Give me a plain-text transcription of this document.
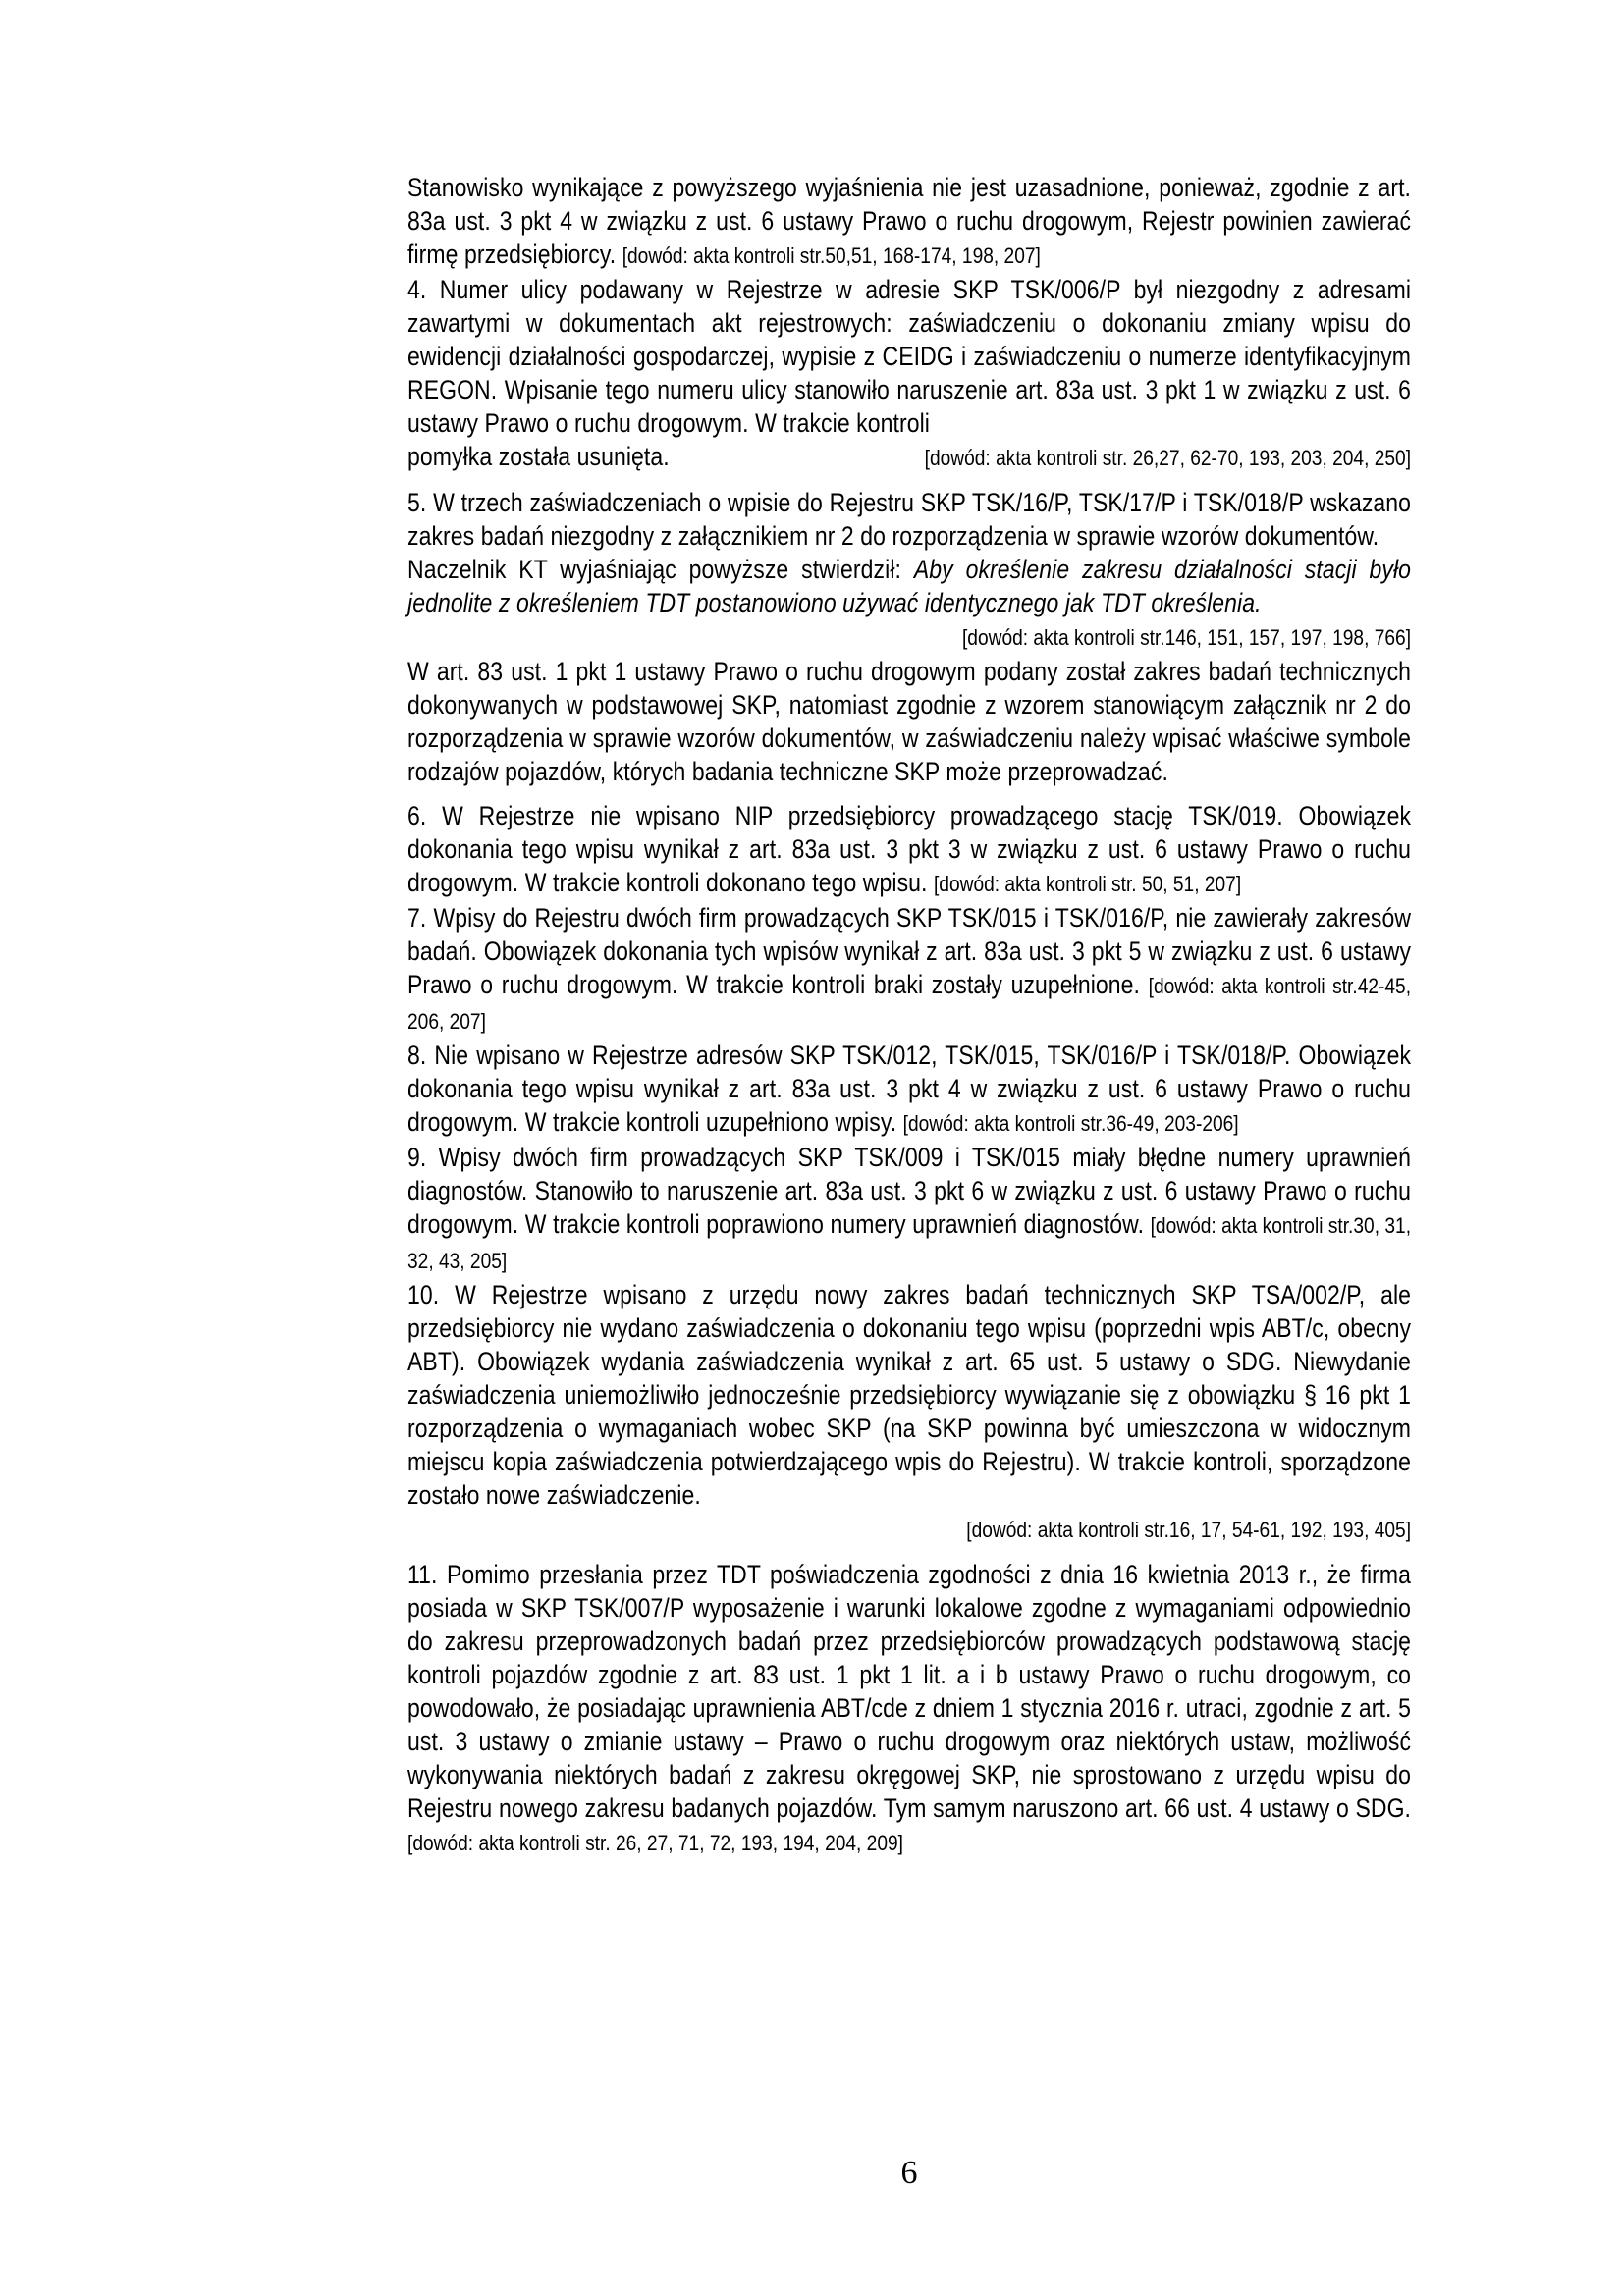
Stanowisko wynikające z powyższego wyjaśnienia nie jest uzasadnione, ponieważ, zgodnie z art. 83a ust. 3 pkt 4 w związku z ust. 6 ustawy Prawo o ruchu drogowym, Rejestr powinien zawierać firmę przedsiębiorcy. [dowód: akta kontroli str.50,51, 168-174, 198, 207]

4. Numer ulicy podawany w Rejestrze w adresie SKP TSK/006/P był niezgodny z adresami zawartymi w dokumentach akt rejestrowych: zaświadczeniu o dokonaniu zmiany wpisu do ewidencji działalności gospodarczej, wypisie z CEIDG i zaświadczeniu o numerze identyfikacyjnym REGON. Wpisanie tego numeru ulicy stanowiło naruszenie art. 83a ust. 3 pkt 1 w związku z ust. 6 ustawy Prawo o ruchu drogowym. W trakcie kontroli

pomyłka została usunięta.	[dowód: akta kontroli str. 26,27, 62-70, 193, 203, 204, 250]

5. W trzech zaświadczeniach o wpisie do Rejestru SKP TSK/16/P, TSK/17/P i TSK/018/P wskazano zakres badań niezgodny z załącznikiem nr 2 do rozporządzenia w sprawie wzorów dokumentów.

Naczelnik KT wyjaśniając powyższe stwierdził: Aby określenie zakresu działalności stacji było jednolite z określeniem TDT postanowiono używać identycznego jak TDT określenia.

[dowód: akta kontroli str.146, 151, 157, 197, 198, 766]

W art. 83 ust. 1 pkt 1 ustawy Prawo o ruchu drogowym podany został zakres badań technicznych dokonywanych w podstawowej SKP, natomiast zgodnie z wzorem stanowiącym załącznik nr 2 do rozporządzenia w sprawie wzorów dokumentów, w zaświadczeniu należy wpisać właściwe symbole rodzajów pojazdów, których badania techniczne SKP może przeprowadzać.

6. W Rejestrze nie wpisano NIP przedsiębiorcy prowadzącego stację TSK/019. Obowiązek dokonania tego wpisu wynikał z art. 83a ust. 3 pkt 3 w związku z ust. 6 ustawy Prawo o ruchu drogowym. W trakcie kontroli dokonano tego wpisu. [dowód: akta kontroli str. 50, 51, 207]

7. Wpisy do Rejestru dwóch firm prowadzących SKP TSK/015 i TSK/016/P, nie zawierały zakresów badań. Obowiązek dokonania tych wpisów wynikał z art. 83a ust. 3 pkt 5 w związku z ust. 6 ustawy Prawo o ruchu drogowym. W trakcie kontroli braki zostały uzupełnione. [dowód: akta kontroli str.42-45, 206, 207]

8. Nie wpisano w Rejestrze adresów SKP TSK/012, TSK/015, TSK/016/P i TSK/018/P. Obowiązek dokonania tego wpisu wynikał z art. 83a ust. 3 pkt 4 w związku z ust. 6 ustawy Prawo o ruchu drogowym. W trakcie kontroli uzupełniono wpisy. [dowód: akta kontroli str.36-49, 203-206]

9. Wpisy dwóch firm prowadzących SKP TSK/009 i TSK/015 miały błędne numery uprawnień diagnostów. Stanowiło to naruszenie art. 83a ust. 3 pkt 6 w związku z ust. 6 ustawy Prawo o ruchu drogowym. W trakcie kontroli poprawiono numery uprawnień diagnostów. [dowód: akta kontroli str.30, 31, 32, 43, 205]

10. W Rejestrze wpisano z urzędu nowy zakres badań technicznych SKP TSA/002/P, ale przedsiębiorcy nie wydano zaświadczenia o dokonaniu tego wpisu (poprzedni wpis ABT/c, obecny ABT). Obowiązek wydania zaświadczenia wynikał z art. 65 ust. 5 ustawy o SDG. Niewydanie zaświadczenia uniemożliwiło jednocześnie przedsiębiorcy wywiązanie się z obowiązku § 16 pkt 1 rozporządzenia o wymaganiach wobec SKP (na SKP powinna być umieszczona w widocznym miejscu kopia zaświadczenia potwierdzającego wpis do Rejestru). W trakcie kontroli, sporządzone zostało nowe zaświadczenie.

[dowód: akta kontroli str.16, 17, 54-61, 192, 193, 405]

11. Pomimo przesłania przez TDT poświadczenia zgodności z dnia 16 kwietnia 2013 r., że firma posiada w SKP TSK/007/P wyposażenie i warunki lokalowe zgodne z wymaganiami odpowiednio do zakresu przeprowadzonych badań przez przedsiębiorców prowadzących podstawową stację kontroli pojazdów zgodnie z art. 83 ust. 1 pkt 1 lit. a i b ustawy Prawo o ruchu drogowym, co powodowało, że posiadając uprawnienia ABT/cde z dniem 1 stycznia 2016 r. utraci, zgodnie z art. 5 ust. 3 ustawy o zmianie ustawy – Prawo o ruchu drogowym oraz niektórych ustaw, możliwość wykonywania niektórych badań z zakresu okręgowej SKP, nie sprostowano z urzędu wpisu do Rejestru nowego zakresu badanych pojazdów. Tym samym naruszono art. 66 ust. 4 ustawy o SDG. [dowód: akta kontroli str. 26, 27, 71, 72, 193, 194, 204, 209]

6
